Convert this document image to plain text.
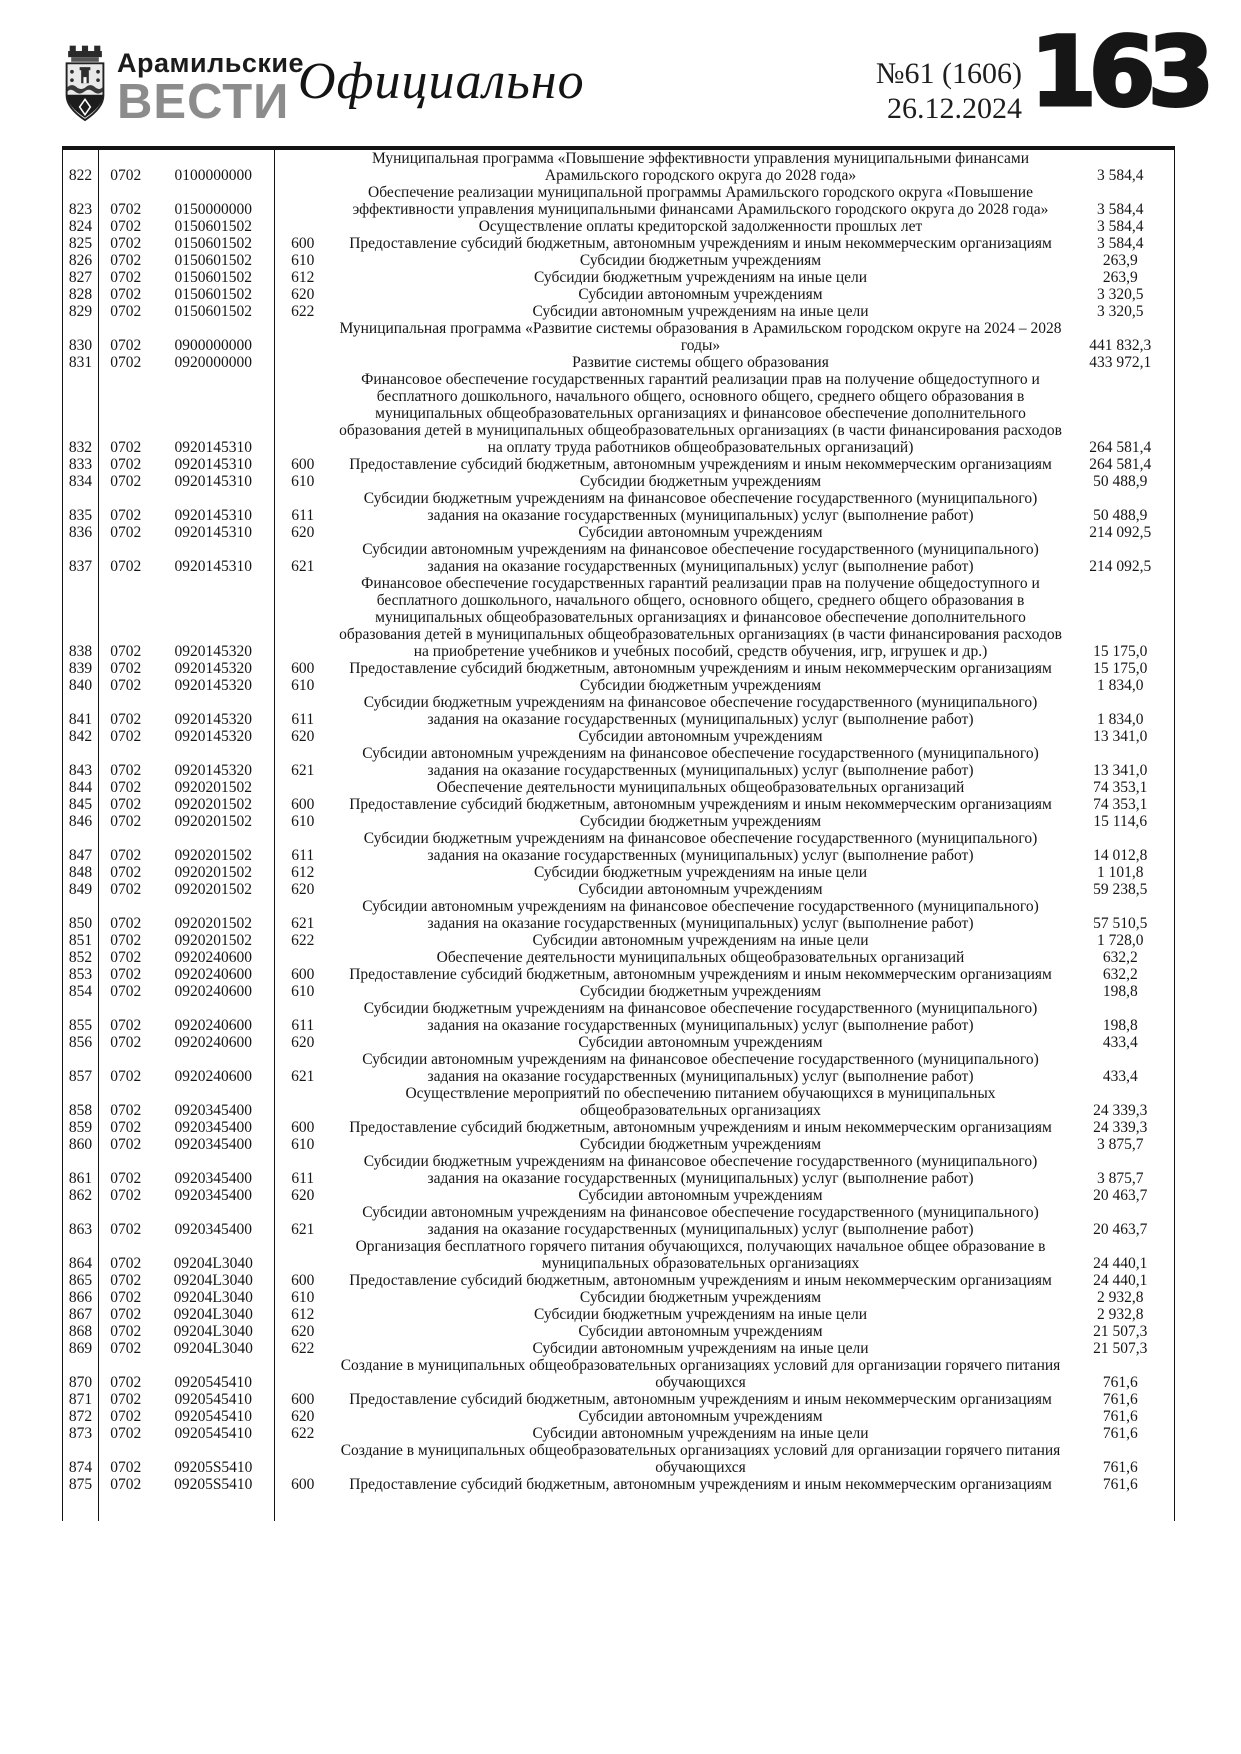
Арамильские
ВЕСТИ Официально	№61 (1606)
26.12.2024 163
822	0702	0100000000		Муниципальная программа «Повышение эффективности управления муниципальными финансами Арамильского городского округа до 2028 года»	3 584,4
823	0702	0150000000		Обеспечение реализации муниципальной программы Арамильского городского округа «Повышение эффективности управления муниципальными финансами Арамильского городского округа до 2028 года»	3 584,4
824	0702	0150601502		Осуществление оплаты кредиторской задолженности прошлых лет	3 584,4
825	0702	0150601502	600	Предоставление субсидий бюджетным, автономным учреждениям и иным некоммерческим организациям	3 584,4
826	0702	0150601502	610	Субсидии бюджетным учреждениям	263,9
827	0702	0150601502	612	Субсидии бюджетным учреждениям на иные цели	263,9
828	0702	0150601502	620	Субсидии автономным учреждениям	3 320,5
829	0702	0150601502	622	Субсидии автономным учреждениям на иные цели	3 320,5
830	0702	0900000000		Муниципальная программа «Развитие системы образования в Арамильском городском округе на 2024 – 2028 годы»	441 832,3
831	0702	0920000000		Развитие системы общего образования	433 972,1
832	0702	0920145310		Финансовое обеспечение государственных гарантий реализации прав на получение общедоступного и бесплатного дошкольного, начального общего, основного общего, среднего общего образования в муниципальных общеобразовательных организациях и финансовое обеспечение дополнительного образования детей в муниципальных общеобразовательных организациях (в части финансирования расходов на оплату труда работников общеобразовательных организаций)	264 581,4
833	0702	0920145310	600	Предоставление субсидий бюджетным, автономным учреждениям и иным некоммерческим организациям	264 581,4
834	0702	0920145310	610	Субсидии бюджетным учреждениям	50 488,9
835	0702	0920145310	611	Субсидии бюджетным учреждениям на финансовое обеспечение государственного (муниципального) задания на оказание государственных (муниципальных) услуг (выполнение работ)	50 488,9
836	0702	0920145310	620	Субсидии автономным учреждениям	214 092,5
837	0702	0920145310	621	Субсидии автономным учреждениям на финансовое обеспечение государственного (муниципального) задания на оказание государственных (муниципальных) услуг (выполнение работ)	214 092,5
838	0702	0920145320		Финансовое обеспечение государственных гарантий реализации прав на получение общедоступного и бесплатного дошкольного, начального общего, основного общего, среднего общего образования в муниципальных общеобразовательных организациях и финансовое обеспечение дополнительного образования детей в муниципальных общеобразовательных организациях (в части финансирования расходов на приобретение учебников и учебных пособий, средств обучения, игр, игрушек и др.)	15 175,0
839	0702	0920145320	600	Предоставление субсидий бюджетным, автономным учреждениям и иным некоммерческим организациям	15 175,0
840	0702	0920145320	610	Субсидии бюджетным учреждениям	1 834,0
841	0702	0920145320	611	Субсидии бюджетным учреждениям на финансовое обеспечение государственного (муниципального) задания на оказание государственных (муниципальных) услуг (выполнение работ)	1 834,0
842	0702	0920145320	620	Субсидии автономным учреждениям	13 341,0
843	0702	0920145320	621	Субсидии автономным учреждениям на финансовое обеспечение государственного (муниципального) задания на оказание государственных (муниципальных) услуг (выполнение работ)	13 341,0
844	0702	0920201502		Обеспечение деятельности муниципальных общеобразовательных организаций	74 353,1
845	0702	0920201502	600	Предоставление субсидий бюджетным, автономным учреждениям и иным некоммерческим организациям	74 353,1
846	0702	0920201502	610	Субсидии бюджетным учреждениям	15 114,6
847	0702	0920201502	611	Субсидии бюджетным учреждениям на финансовое обеспечение государственного (муниципального) задания на оказание государственных (муниципальных) услуг (выполнение работ)	14 012,8
848	0702	0920201502	612	Субсидии бюджетным учреждениям на иные цели	1 101,8
849	0702	0920201502	620	Субсидии автономным учреждениям	59 238,5
850	0702	0920201502	621	Субсидии автономным учреждениям на финансовое обеспечение государственного (муниципального) задания на оказание государственных (муниципальных) услуг (выполнение работ)	57 510,5
851	0702	0920201502	622	Субсидии автономным учреждениям на иные цели	1 728,0
852	0702	0920240600		Обеспечение деятельности муниципальных общеобразовательных организаций	632,2
853	0702	0920240600	600	Предоставление субсидий бюджетным, автономным учреждениям и иным некоммерческим организациям	632,2
854	0702	0920240600	610	Субсидии бюджетным учреждениям	198,8
855	0702	0920240600	611	Субсидии бюджетным учреждениям на финансовое обеспечение государственного (муниципального) задания на оказание государственных (муниципальных) услуг (выполнение работ)	198,8
856	0702	0920240600	620	Субсидии автономным учреждениям	433,4
857	0702	0920240600	621	Субсидии автономным учреждениям на финансовое обеспечение государственного (муниципального) задания на оказание государственных (муниципальных) услуг (выполнение работ)	433,4
858	0702	0920345400		Осуществление мероприятий по обеспечению питанием обучающихся в муниципальных общеобразовательных организациях	24 339,3
859	0702	0920345400	600	Предоставление субсидий бюджетным, автономным учреждениям и иным некоммерческим организациям	24 339,3
860	0702	0920345400	610	Субсидии бюджетным учреждениям	3 875,7
861	0702	0920345400	611	Субсидии бюджетным учреждениям на финансовое обеспечение государственного (муниципального) задания на оказание государственных (муниципальных) услуг (выполнение работ)	3 875,7
862	0702	0920345400	620	Субсидии автономным учреждениям	20 463,7
863	0702	0920345400	621	Субсидии автономным учреждениям на финансовое обеспечение государственного (муниципального) задания на оказание государственных (муниципальных) услуг (выполнение работ)	20 463,7
864	0702	09204L3040		Организация бесплатного горячего питания обучающихся, получающих начальное общее образование в муниципальных образовательных организациях	24 440,1
865	0702	09204L3040	600	Предоставление субсидий бюджетным, автономным учреждениям и иным некоммерческим организациям	24 440,1
866	0702	09204L3040	610	Субсидии бюджетным учреждениям	2 932,8
867	0702	09204L3040	612	Субсидии бюджетным учреждениям на иные цели	2 932,8
868	0702	09204L3040	620	Субсидии автономным учреждениям	21 507,3
869	0702	09204L3040	622	Субсидии автономным учреждениям на иные цели	21 507,3
870	0702	0920545410		Создание в муниципальных общеобразовательных организациях условий для организации горячего питания обучающихся	761,6
871	0702	0920545410	600	Предоставление субсидий бюджетным, автономным учреждениям и иным некоммерческим организациям	761,6
872	0702	0920545410	620	Субсидии автономным учреждениям	761,6
873	0702	0920545410	622	Субсидии автономным учреждениям на иные цели	761,6
874	0702	09205S5410		Создание в муниципальных общеобразовательных организациях условий для организации горячего питания обучающихся	761,6
875	0702	09205S5410	600	Предоставление субсидий бюджетным, автономным учреждениям и иным некоммерческим организациям	761,6
